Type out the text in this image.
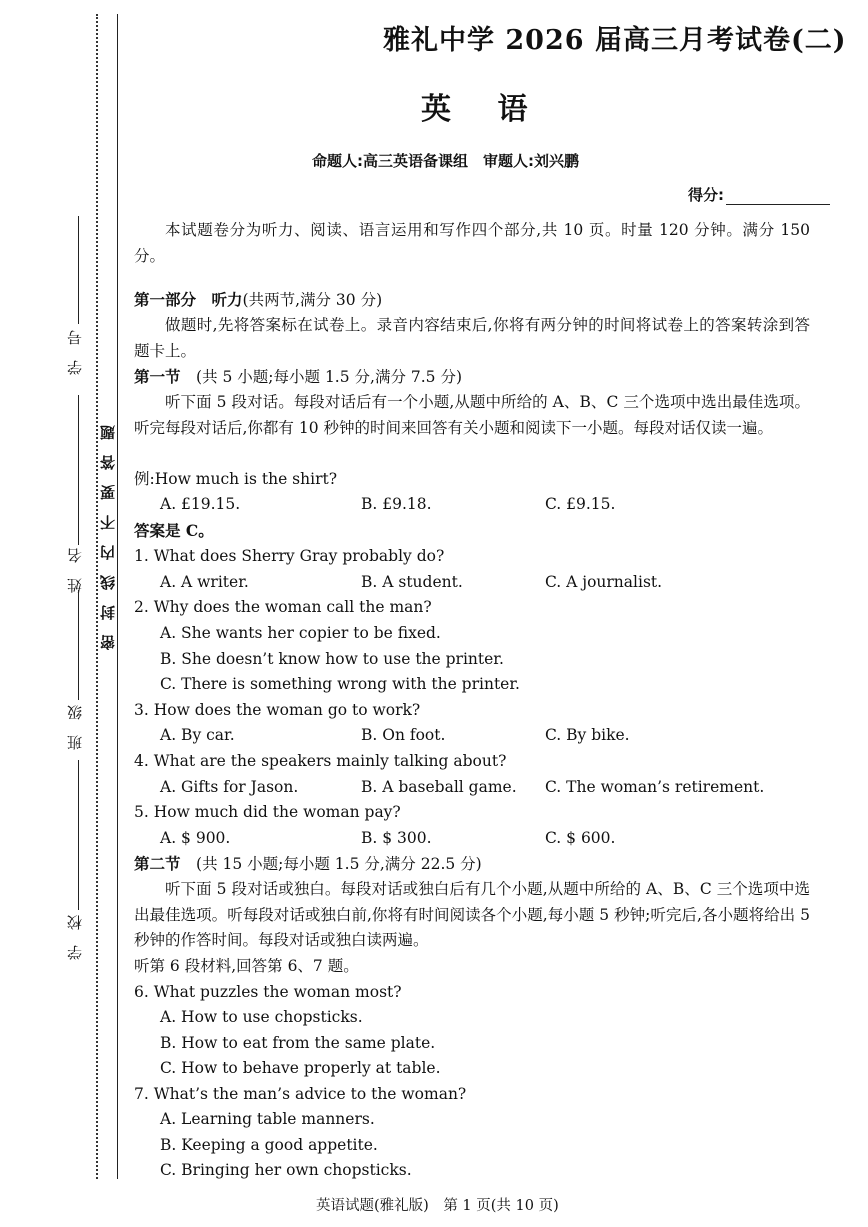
学　号
姓　名
班　级
学　校
密封线内不要答题
雅礼中学 2026 届高三月考试卷(二)
英 语
命题人:高三英语备课组　审题人:刘兴鹏
得分:
本试题卷分为听力、阅读、语言运用和写作四个部分,共 10 页。时量 120 分钟。满分 150 分。
第一部分　听力(共两节,满分 30 分)
做题时,先将答案标在试卷上。录音内容结束后,你将有两分钟的时间将试卷上的答案转涂到答题卡上。
第一节　 (共 5 小题;每小题 1.5 分,满分 7.5 分)
听下面 5 段对话。每段对话后有一个小题,从题中所给的 A、B、C 三个选项中选出最佳选项。听完每段对话后,你都有 10 秒钟的时间来回答有关小题和阅读下一小题。每段对话仅读一遍。
例:How much is the shirt?
A. £19.15.	B. £9.18.	C. £9.15.
答案是 C。
1. What does Sherry Gray probably do?
A. A writer.	B. A student.	C. A journalist.
2. Why does the woman call the man?
A. She wants her copier to be fixed.
B. She doesn’t know how to use the printer.
C. There is something wrong with the printer.
3. How does the woman go to work?
A. By car.	B. On foot.	C. By bike.
4. What are the speakers mainly talking about?
A. Gifts for Jason.	B. A baseball game. C. The woman’s retirement.
5. How much did the woman pay?
A. $ 900.	B. $ 300.	C. $ 600.
第二节　 (共 15 小题;每小题 1.5 分,满分 22.5 分)
听下面 5 段对话或独白。每段对话或独白后有几个小题,从题中所给的 A、B、C 三个选项中选出最佳选项。听每段对话或独白前,你将有时间阅读各个小题,每小题 5 秒钟;听完后,各小题将给出 5 秒钟的作答时间。每段对话或独白读两遍。
听第 6 段材料,回答第 6、7 题。
6. What puzzles the woman most?
A. How to use chopsticks.
B. How to eat from the same plate.
C. How to behave properly at table.
7. What’s the man’s advice to the woman?
A. Learning table manners.
B. Keeping a good appetite.
C. Bringing her own chopsticks.
英语试题(雅礼版)　第 1 页(共 10 页)
